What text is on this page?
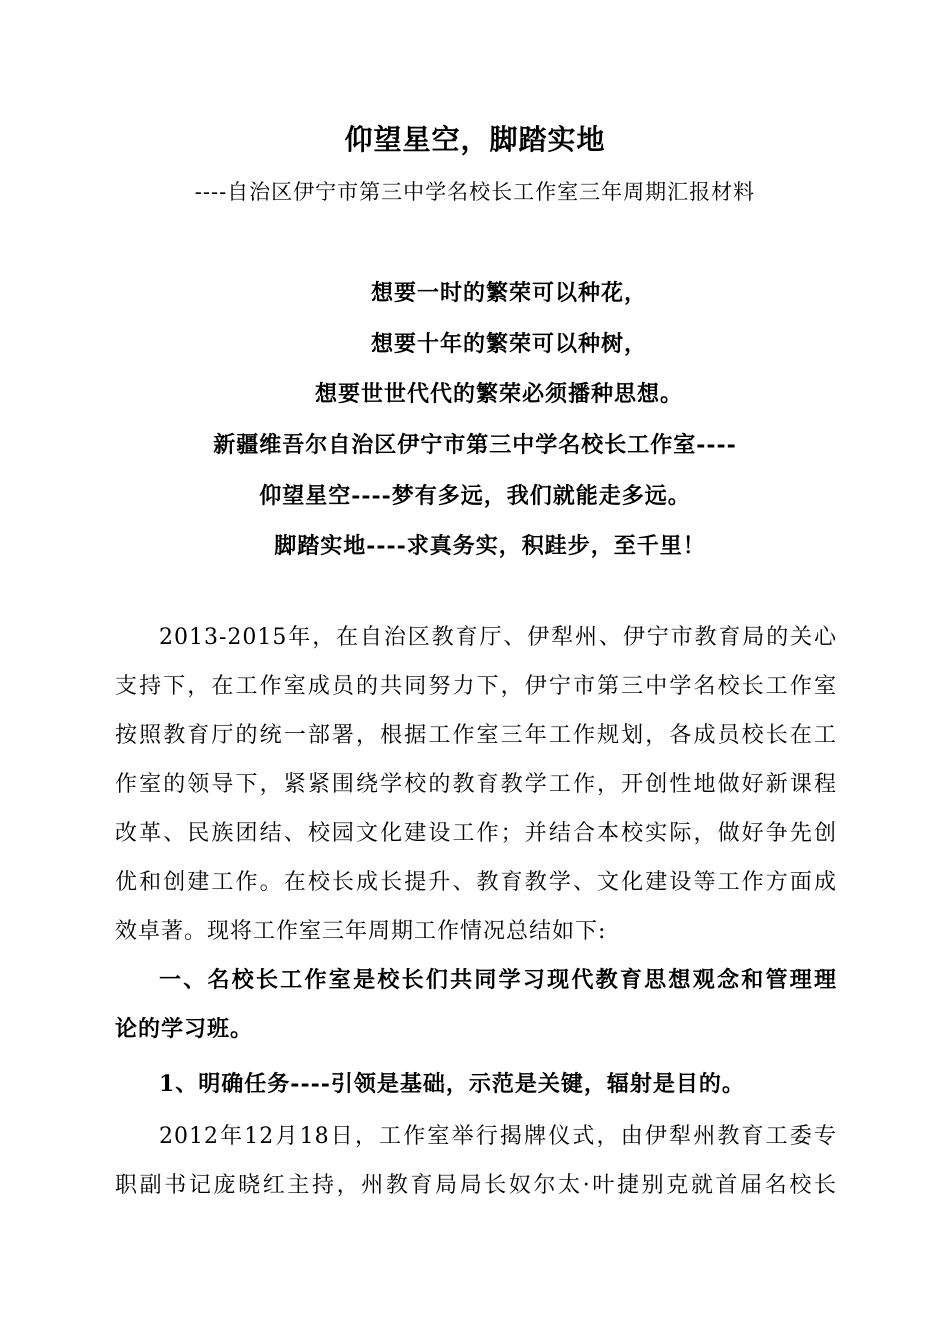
仰望星空，脚踏实地
----自治区伊宁市第三中学名校长工作室三年周期汇报材料
想要一时的繁荣可以种花，
想要十年的繁荣可以种树，
想要世世代代的繁荣必须播种思想。
新疆维吾尔自治区伊宁市第三中学名校长工作室----
仰望星空----梦有多远，我们就能走多远。
脚踏实地----求真务实，积跬步，至千里！
2013-2015年，在自治区教育厅、伊犁州、伊宁市教育局的关心
支持下，在工作室成员的共同努力下，伊宁市第三中学名校长工作室
按照教育厅的统一部署，根据工作室三年工作规划，各成员校长在工
作室的领导下，紧紧围绕学校的教育教学工作，开创性地做好新课程
改革、民族团结、校园文化建设工作；并结合本校实际，做好争先创
优和创建工作。在校长成长提升、教育教学、文化建设等工作方面成
效卓著。现将工作室三年周期工作情况总结如下:
一、名校长工作室是校长们共同学习现代教育思想观念和管理理
论的学习班。
1、明确任务----引领是基础，示范是关键，辐射是目的。
2012年12月18日，工作室举行揭牌仪式，由伊犁州教育工委专
职副书记庞晓红主持，州教育局局长奴尔太·叶捷别克就首届名校长
